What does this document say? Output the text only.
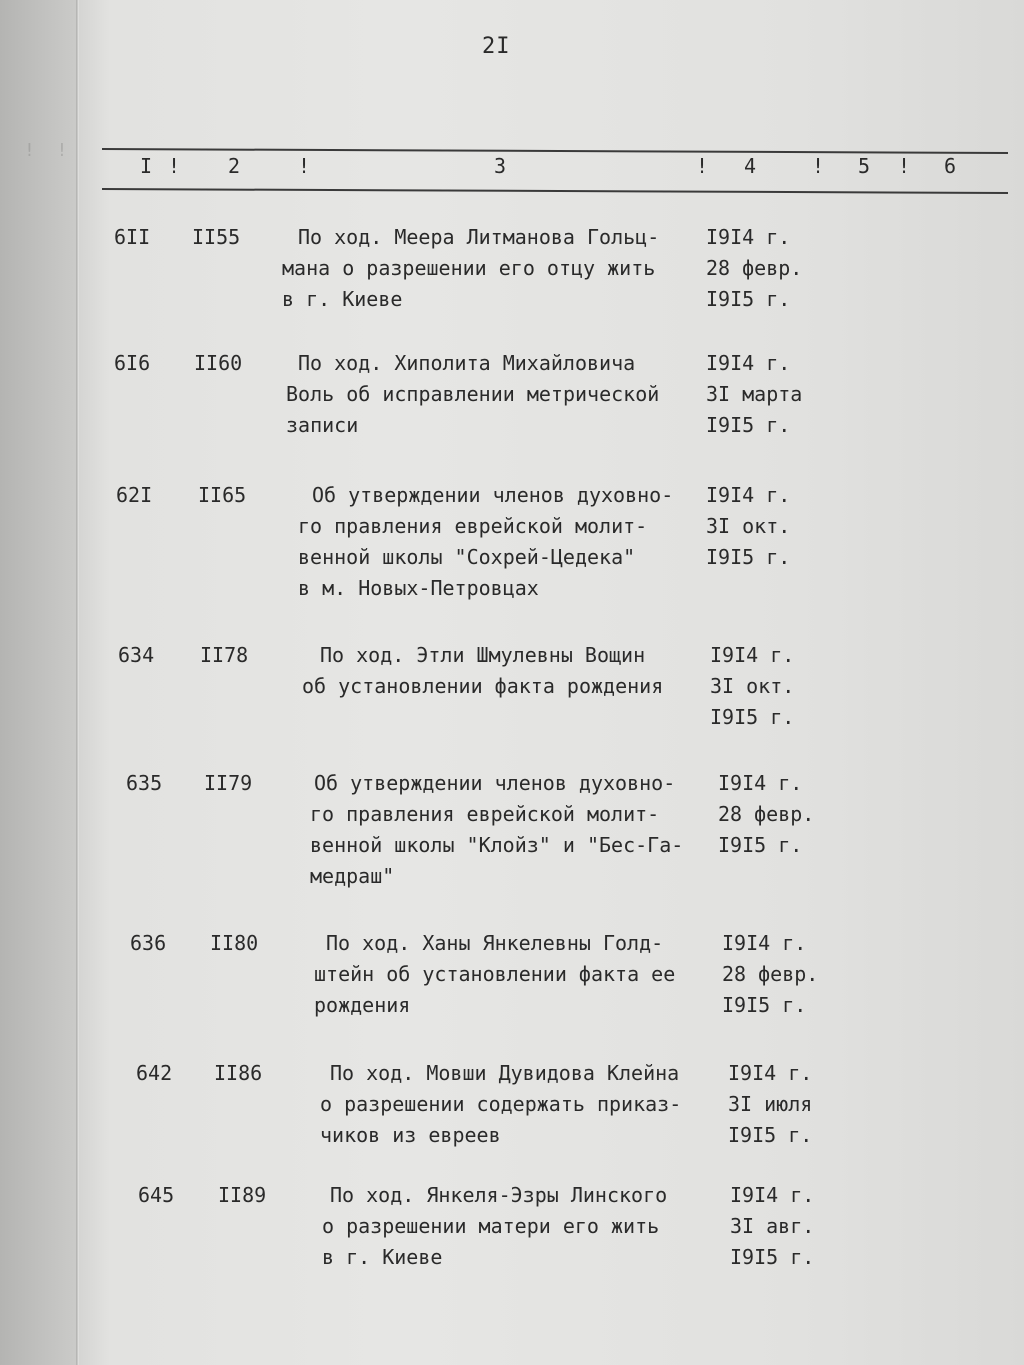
!  !
2I
I ! 2	!	3	! 4	! 5 ! 6
6II II55	По ход. Меера Литманова Гольц-
мана о разрешении его отцу жить
в г. Киеве
I9I4 г.
28 февр.
I9I5 г.
6I6 II60	По ход. Хиполита Михайловича
Воль об исправлении метрической
записи
I9I4 г.
3I марта
I9I5 г.
62I II65	Об утверждении членов духовно-
го правления еврейской молит-
венной школы "Сохрей-Цедека"
в м. Новых-Петровцах
I9I4 г.
3I окт.
I9I5 г.
634 II78	По ход. Этли Шмулевны Вощин
об установлении факта рождения
I9I4 г.
3I окт.
I9I5 г.
635 II79	Об утверждении членов духовно-
го правления еврейской молит-
венной школы "Клойз" и "Бес-Га-
медраш"
I9I4 г.
28 февр.
I9I5 г.
636 II80	По ход. Ханы Янкелевны Голд-
штейн об установлении факта ее
рождения
I9I4 г.
28 февр.
I9I5 г.
642 II86	По ход. Мовши Дувидова Клейна
о разрешении содержать приказ-
чиков из евреев
I9I4 г.
3I июля
I9I5 г.
645 II89	По ход. Янкеля-Эзры Линского
о разрешении матери его жить
в г. Киеве
I9I4 г.
3I авг.
I9I5 г.
